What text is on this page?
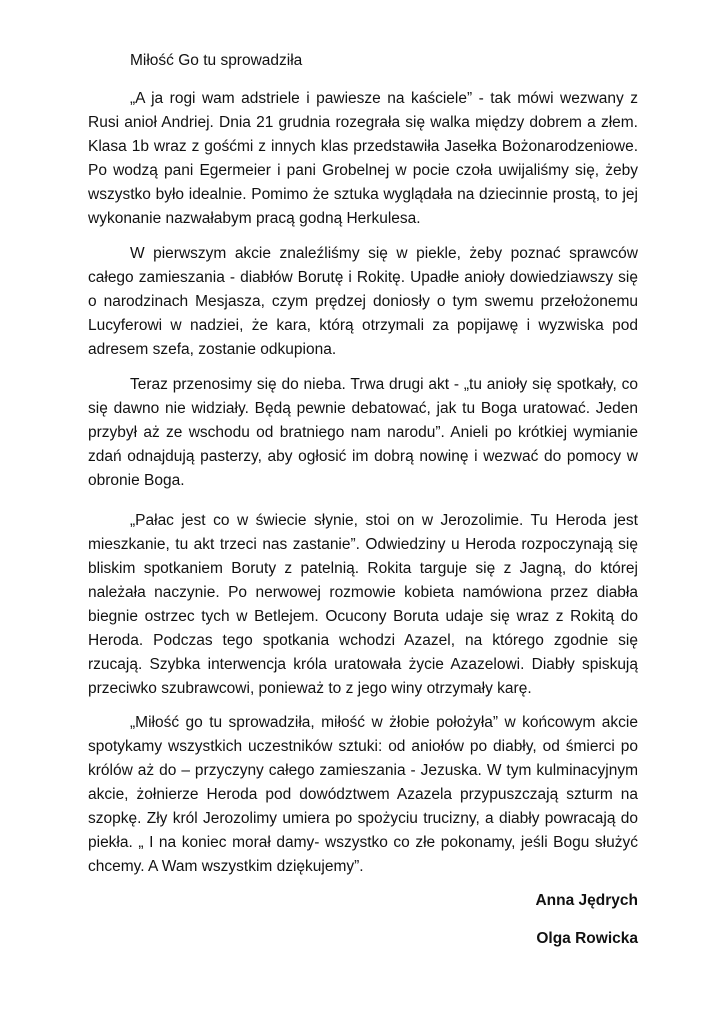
Miłość Go tu sprowadziła

„A ja rogi wam adstriele i pawiesze na kaściele” - tak mówi wezwany z Rusi anioł Andriej. Dnia 21 grudnia rozegrała się walka między dobrem a złem. Klasa 1b wraz z gośćmi z innych klas przedstawiła Jasełka Bożonarodzeniowe. Po wodzą pani Egermeier i pani Grobelnej w pocie czoła uwijaliśmy się, żeby wszystko było idealnie. Pomimo że sztuka wyglądała na dziecinnie prostą, to jej wykonanie nazwałabym pracą godną Herkulesa.

W pierwszym akcie znaleźliśmy się w piekle, żeby poznać sprawców całego zamieszania - diabłów Borutę i Rokitę. Upadłe anioły dowiedziawszy się o narodzinach Mesjasza, czym prędzej doniosły o tym swemu przełożonemu Lucyferowi w nadziei, że kara, którą otrzymali za popijawę i wyzwiska pod adresem szefa, zostanie odkupiona.

Teraz przenosimy się do nieba. Trwa drugi akt - „tu anioły się spotkały, co się dawno nie widziały. Będą pewnie debatować, jak tu Boga uratować. Jeden przybył aż ze wschodu od bratniego nam narodu”. Anieli po krótkiej wymianie zdań odnajdują pasterzy, aby ogłosić im dobrą nowinę i wezwać do pomocy w obronie Boga.

„Pałac jest co w świecie słynie, stoi on w Jerozolimie. Tu Heroda jest mieszkanie, tu akt trzeci nas zastanie”. Odwiedziny u Heroda rozpoczynają się bliskim spotkaniem Boruty z patelnią. Rokita targuje się z Jagną, do której należała naczynie. Po nerwowej rozmowie kobieta namówiona przez diabła biegnie ostrzec tych w Betlejem. Ocucony Boruta udaje się wraz z Rokitą do Heroda. Podczas tego spotkania wchodzi Azazel, na którego zgodnie się rzucają. Szybka interwencja króla uratowała życie Azazelowi. Diabły spiskują przeciwko szubrawcowi, ponieważ to z jego winy otrzymały karę.

„Miłość go tu sprowadziła, miłość w żłobie położyła” w końcowym akcie spotykamy wszystkich uczestników sztuki: od aniołów po diabły, od śmierci po królów aż do – przyczyny całego zamieszania - Jezuska. W tym kulminacyjnym akcie, żołnierze Heroda pod dowództwem Azazela przypuszczają szturm na szopkę. Zły król Jerozolimy umiera po spożyciu trucizny, a diabły powracają do piekła. „ I na koniec morał damy- wszystko co złe pokonamy, jeśli Bogu służyć chcemy. A Wam wszystkim dziękujemy”.

Anna Jędrych

Olga Rowicka
